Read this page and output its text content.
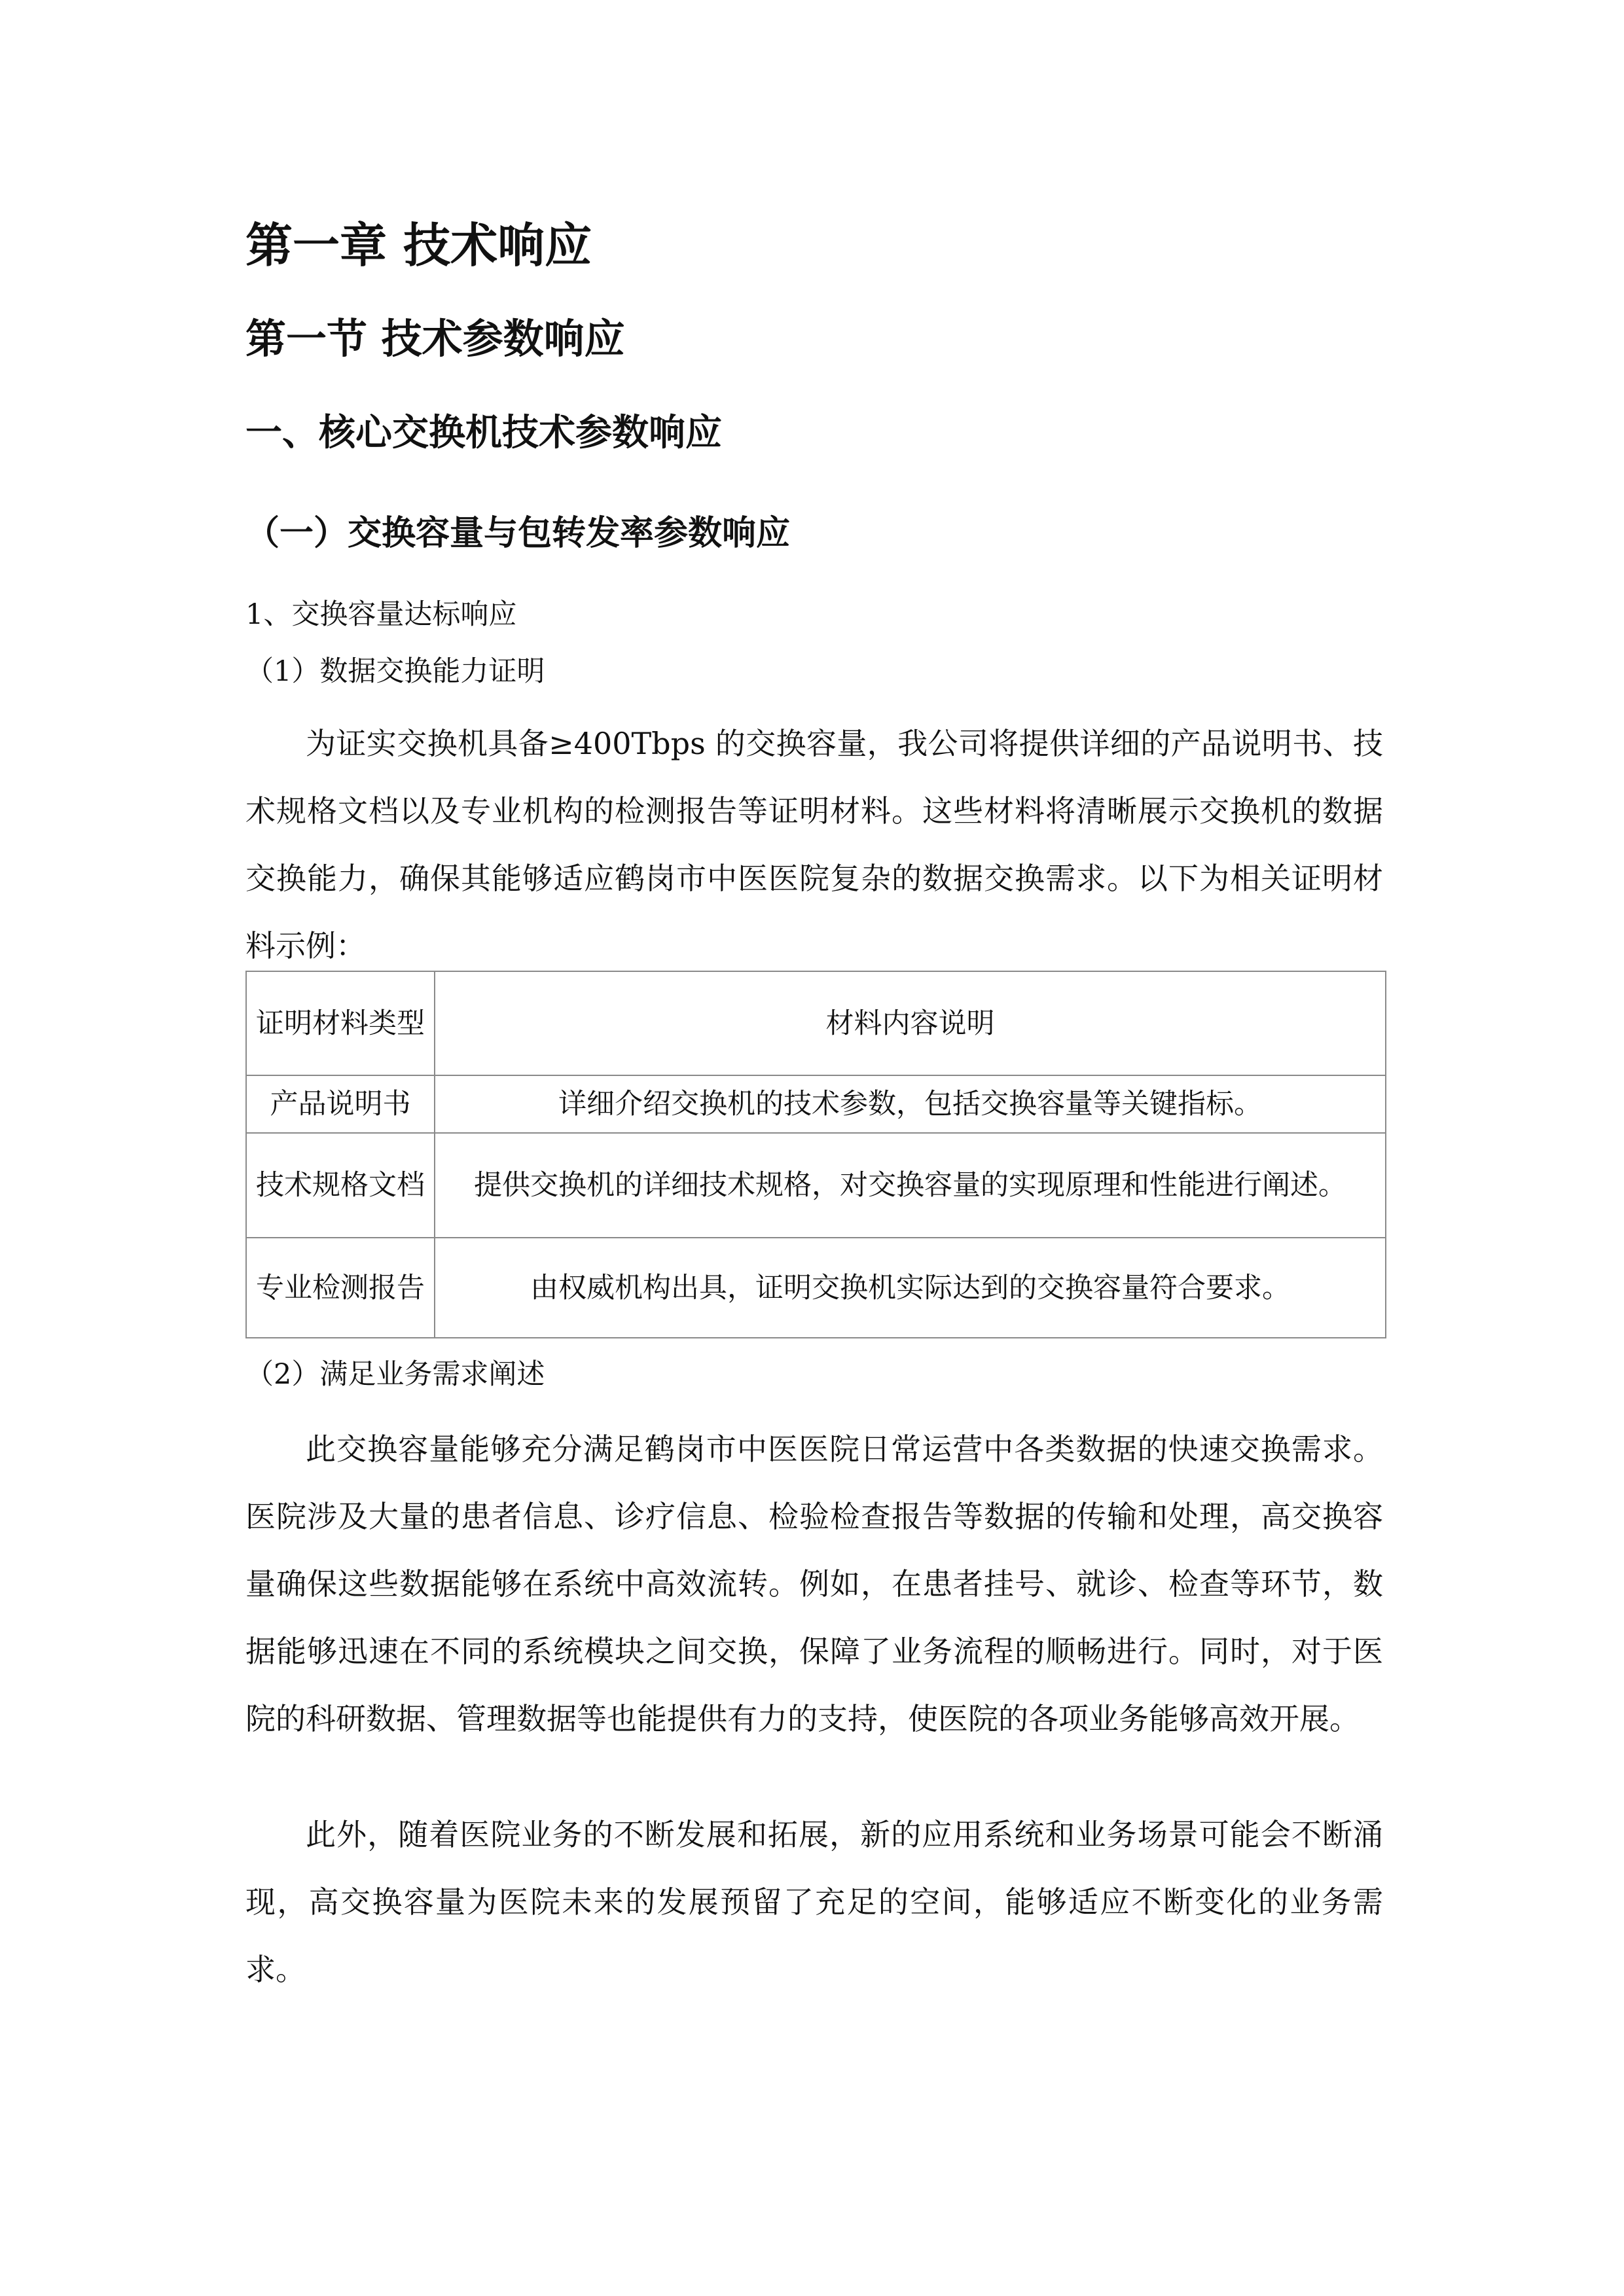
第一章 技术响应
第一节 技术参数响应
一、核心交换机技术参数响应
（一）交换容量与包转发率参数响应
1、交换容量达标响应
（1）数据交换能力证明

为证实交换机具备≥400Tbps 的交换容量，我公司将提供详细的产品说明书、技术规格文档以及专业机构的检测报告等证明材料。这些材料将清晰展示交换机的数据交换能力，确保其能够适应鹤岗市中医医院复杂的数据交换需求。以下为相关证明材料示例：

证明材料类型	材料内容说明
产品说明书	详细介绍交换机的技术参数，包括交换容量等关键指标。
技术规格文档	提供交换机的详细技术规格，对交换容量的实现原理和性能进行阐述。
专业检测报告	由权威机构出具，证明交换机实际达到的交换容量符合要求。
（2）满足业务需求阐述

此交换容量能够充分满足鹤岗市中医医院日常运营中各类数据的快速交换需求。医院涉及大量的患者信息、诊疗信息、检验检查报告等数据的传输和处理，高交换容量确保这些数据能够在系统中高效流转。例如，在患者挂号、就诊、检查等环节，数据能够迅速在不同的系统模块之间交换，保障了业务流程的顺畅进行。同时，对于医院的科研数据、管理数据等也能提供有力的支持，使医院的各项业务能够高效开展。

此外，随着医院业务的不断发展和拓展，新的应用系统和业务场景可能会不断涌现，高交换容量为医院未来的发展预留了充足的空间，能够适应不断变化的业务需求。
